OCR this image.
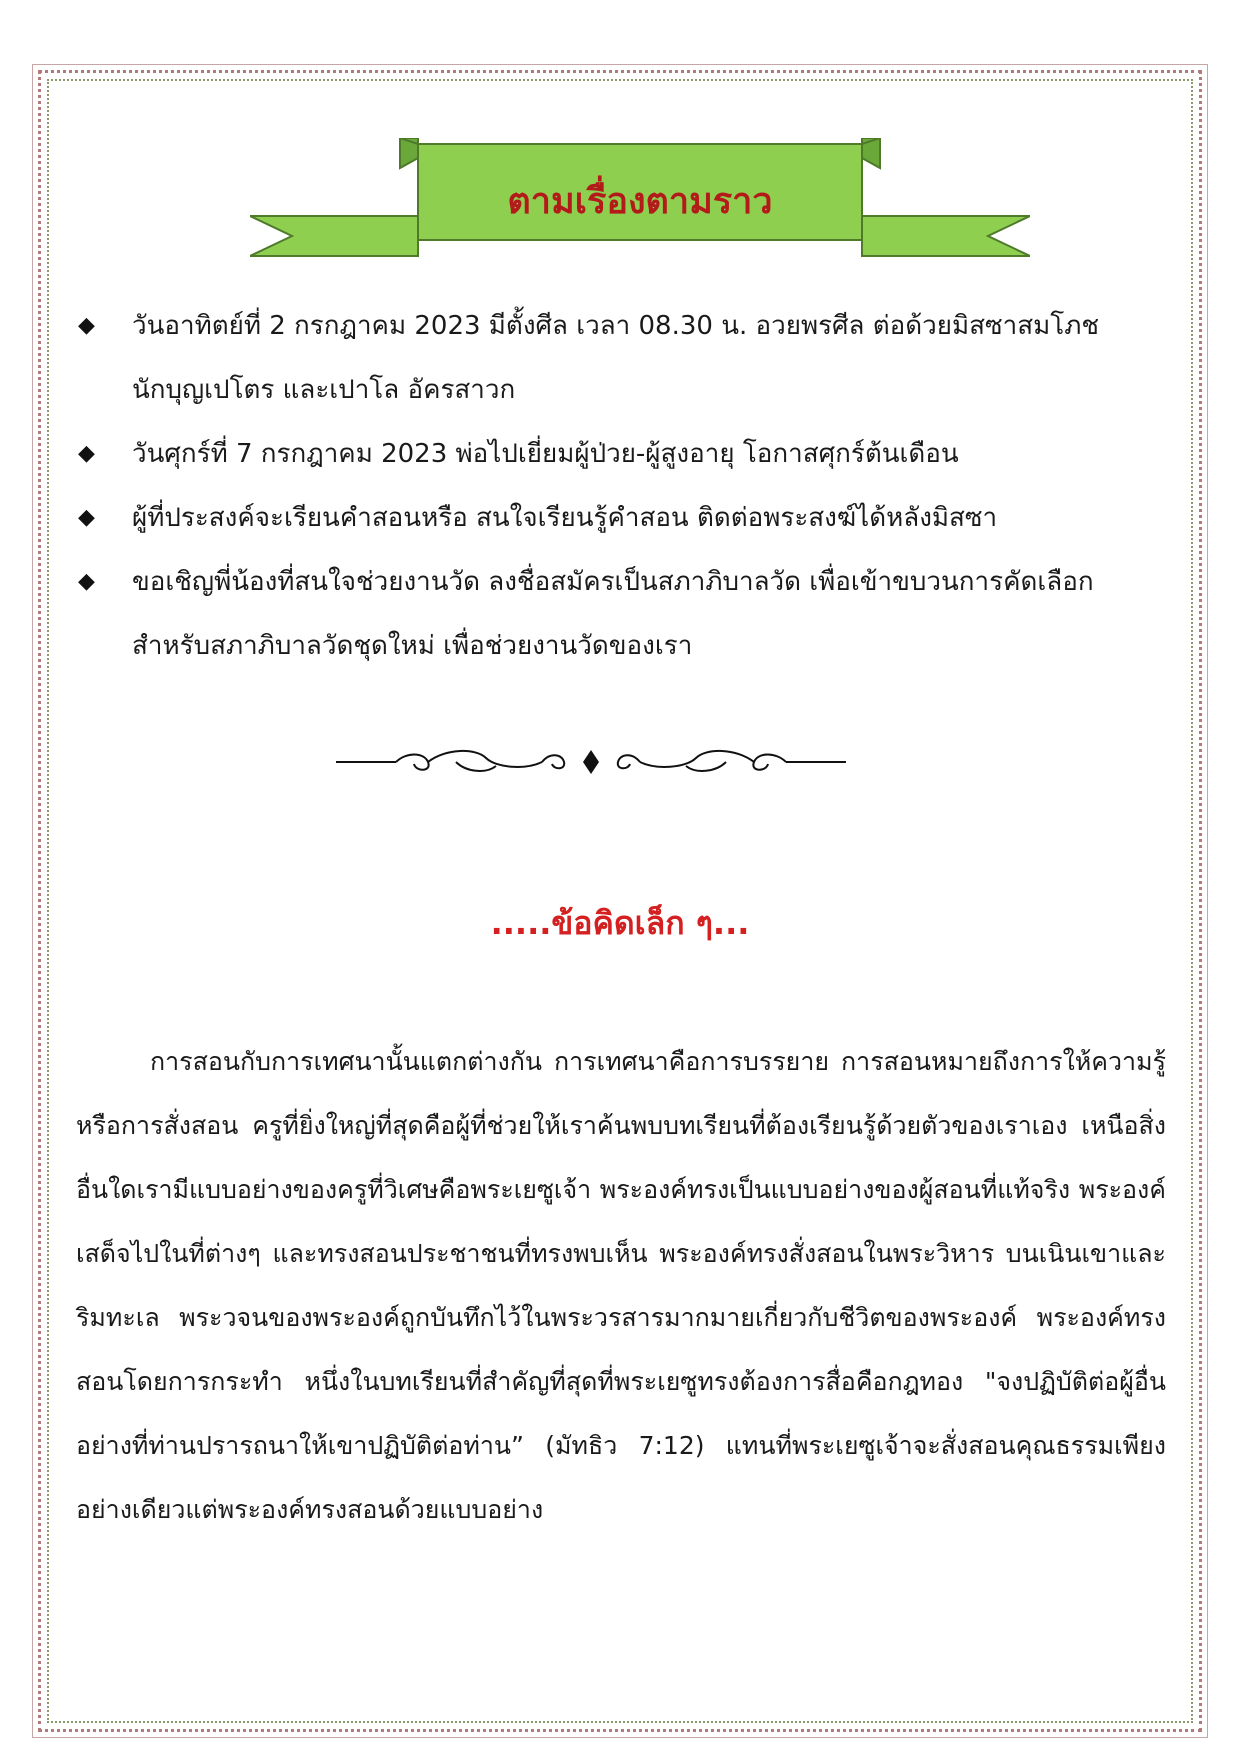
ตามเรื่องตามราว
◆ วันอาทิตย์ที่ 2 กรกฎาคม 2023 มีตั้งศีล เวลา 08.30 น. อวยพรศีล ต่อด้วยมิสซาสมโภช
นักบุญเปโตร และเปาโล อัครสาวก
◆ วันศุกร์ที่ 7 กรกฎาคม 2023 พ่อไปเยี่ยมผู้ป่วย-ผู้สูงอายุ โอกาสศุกร์ต้นเดือน
◆ ผู้ที่ประสงค์จะเรียนคำสอนหรือ สนใจเรียนรู้คำสอน ติดต่อพระสงฆ์ได้หลังมิสซา
◆ ขอเชิญพี่น้องที่สนใจช่วยงานวัด ลงชื่อสมัครเป็นสภาภิบาลวัด เพื่อเข้าขบวนการคัดเลือก
สำหรับสภาภิบาลวัดชุดใหม่ เพื่อช่วยงานวัดของเรา
.....ข้อคิดเล็ก ๆ...

การสอนกับการเทศนานั้นแตกต่างกัน การเทศนาคือการบรรยาย การสอนหมายถึงการให้ความรู้หรือการสั่งสอน ครูที่ยิ่งใหญ่ที่สุดคือผู้ที่ช่วยให้เราค้นพบบทเรียนที่ต้องเรียนรู้ด้วยตัวของเราเอง เหนือสิ่งอื่นใดเรามีแบบอย่างของครูที่วิเศษคือพระเยซูเจ้า พระองค์ทรงเป็นแบบอย่างของผู้สอนที่แท้จริง พระองค์เสด็จไปในที่ต่างๆ และทรงสอนประชาชนที่ทรงพบเห็น พระองค์ทรงสั่งสอนในพระวิหาร บนเนินเขาและริมทะเล พระวจนของพระองค์ถูกบันทึกไว้ในพระวรสารมากมายเกี่ยวกับชีวิตของพระองค์ พระองค์ทรงสอนโดยการกระทำ หนึ่งในบทเรียนที่สำคัญที่สุดที่พระเยซูทรงต้องการสื่อคือกฎทอง "จงปฏิบัติต่อผู้อื่น อย่างที่ท่านปรารถนาให้เขาปฏิบัติต่อท่าน” (มัทธิว 7:12) แทนที่พระเยซูเจ้าจะสั่งสอนคุณธรรมเพียงอย่างเดียวแต่พระองค์ทรงสอนด้วยแบบอย่าง
